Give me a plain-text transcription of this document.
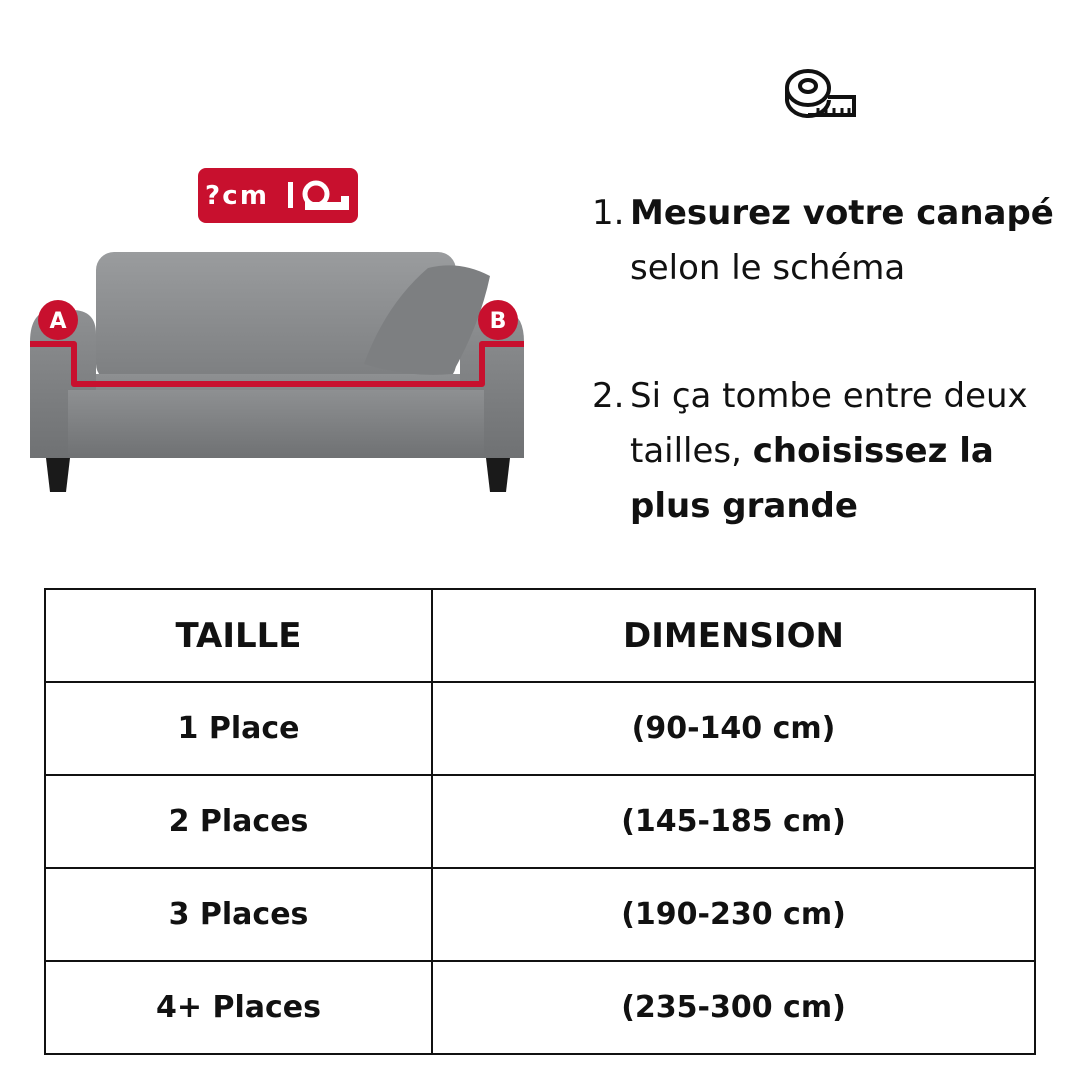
?cm
A	B
1. Mesurez votre canapé
selon le schéma
2. Si ça tombe entre deux
tailles, choisissez la
plus grande
TAILLE	DIMENSION
1 Place	(90-140 cm)
2 Places	(145-185 cm)
3 Places	(190-230 cm)
4+ Places	(235-300 cm)
